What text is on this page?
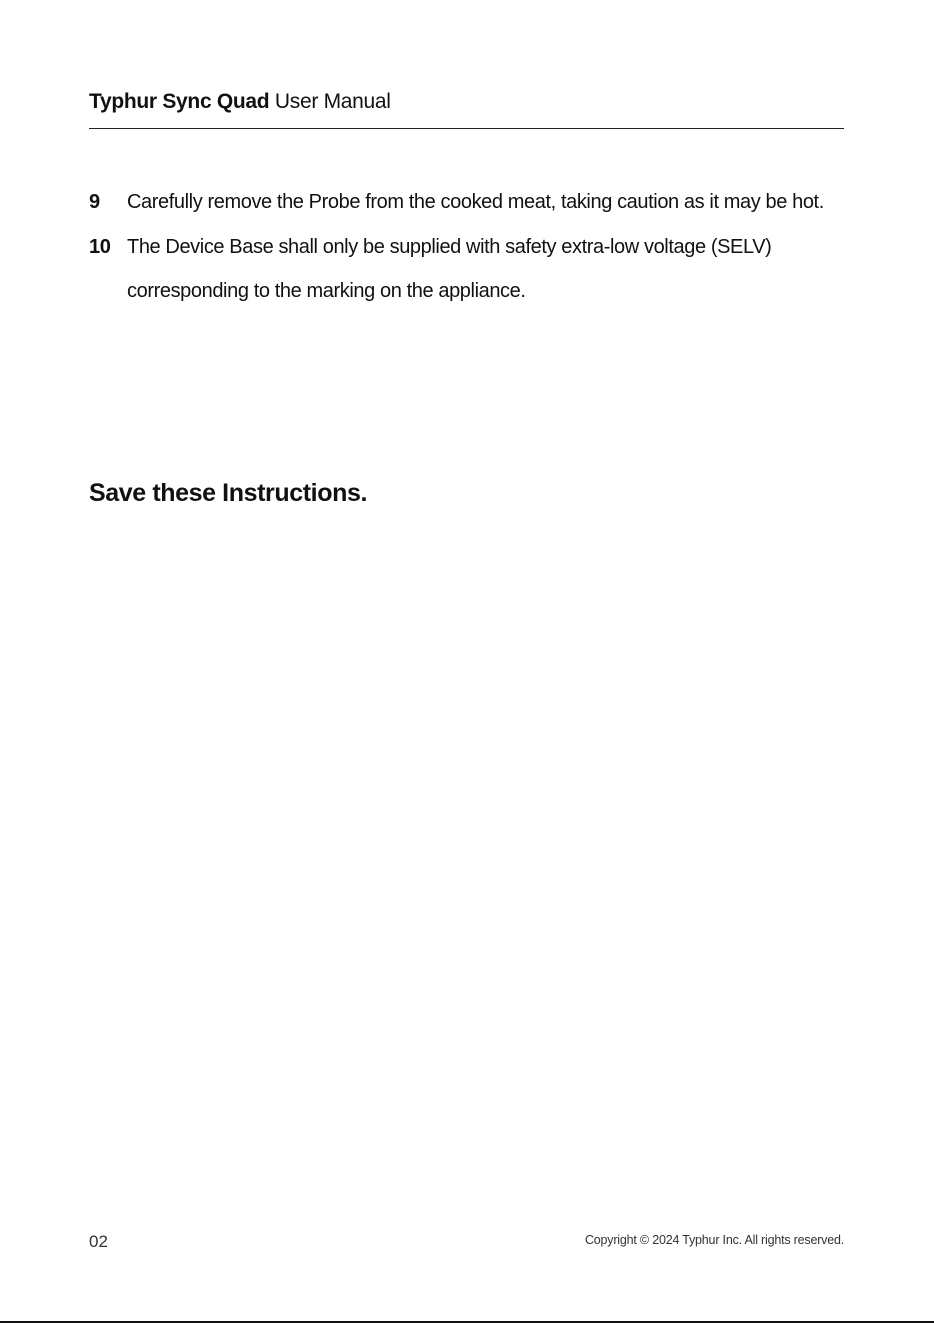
Typhur Sync Quad User Manual
9	Carefully remove the Probe from the cooked meat, taking caution as it may be hot.
10 The Device Base shall only be supplied with safety extra-low voltage (SELV) corresponding to the marking on the appliance.
Save these Instructions.
02	Copyright © 2024 Typhur Inc. All rights reserved.
